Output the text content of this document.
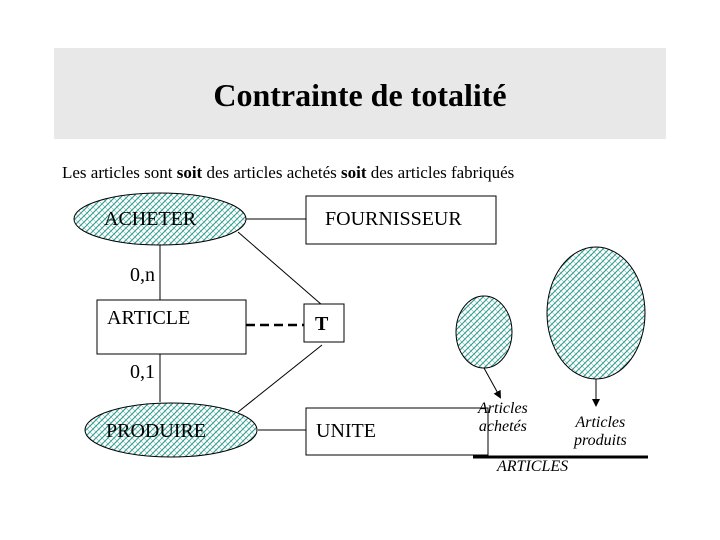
Contrainte de totalité
Les articles sont soit des articles achetés soit des articles fabriqués
ACHETER	FOURNISSEUR
0,n
ARTICLE	T
0,1
PRODUIRE	UNITE
Articles
achetés	Articles
produits
ARTICLES
